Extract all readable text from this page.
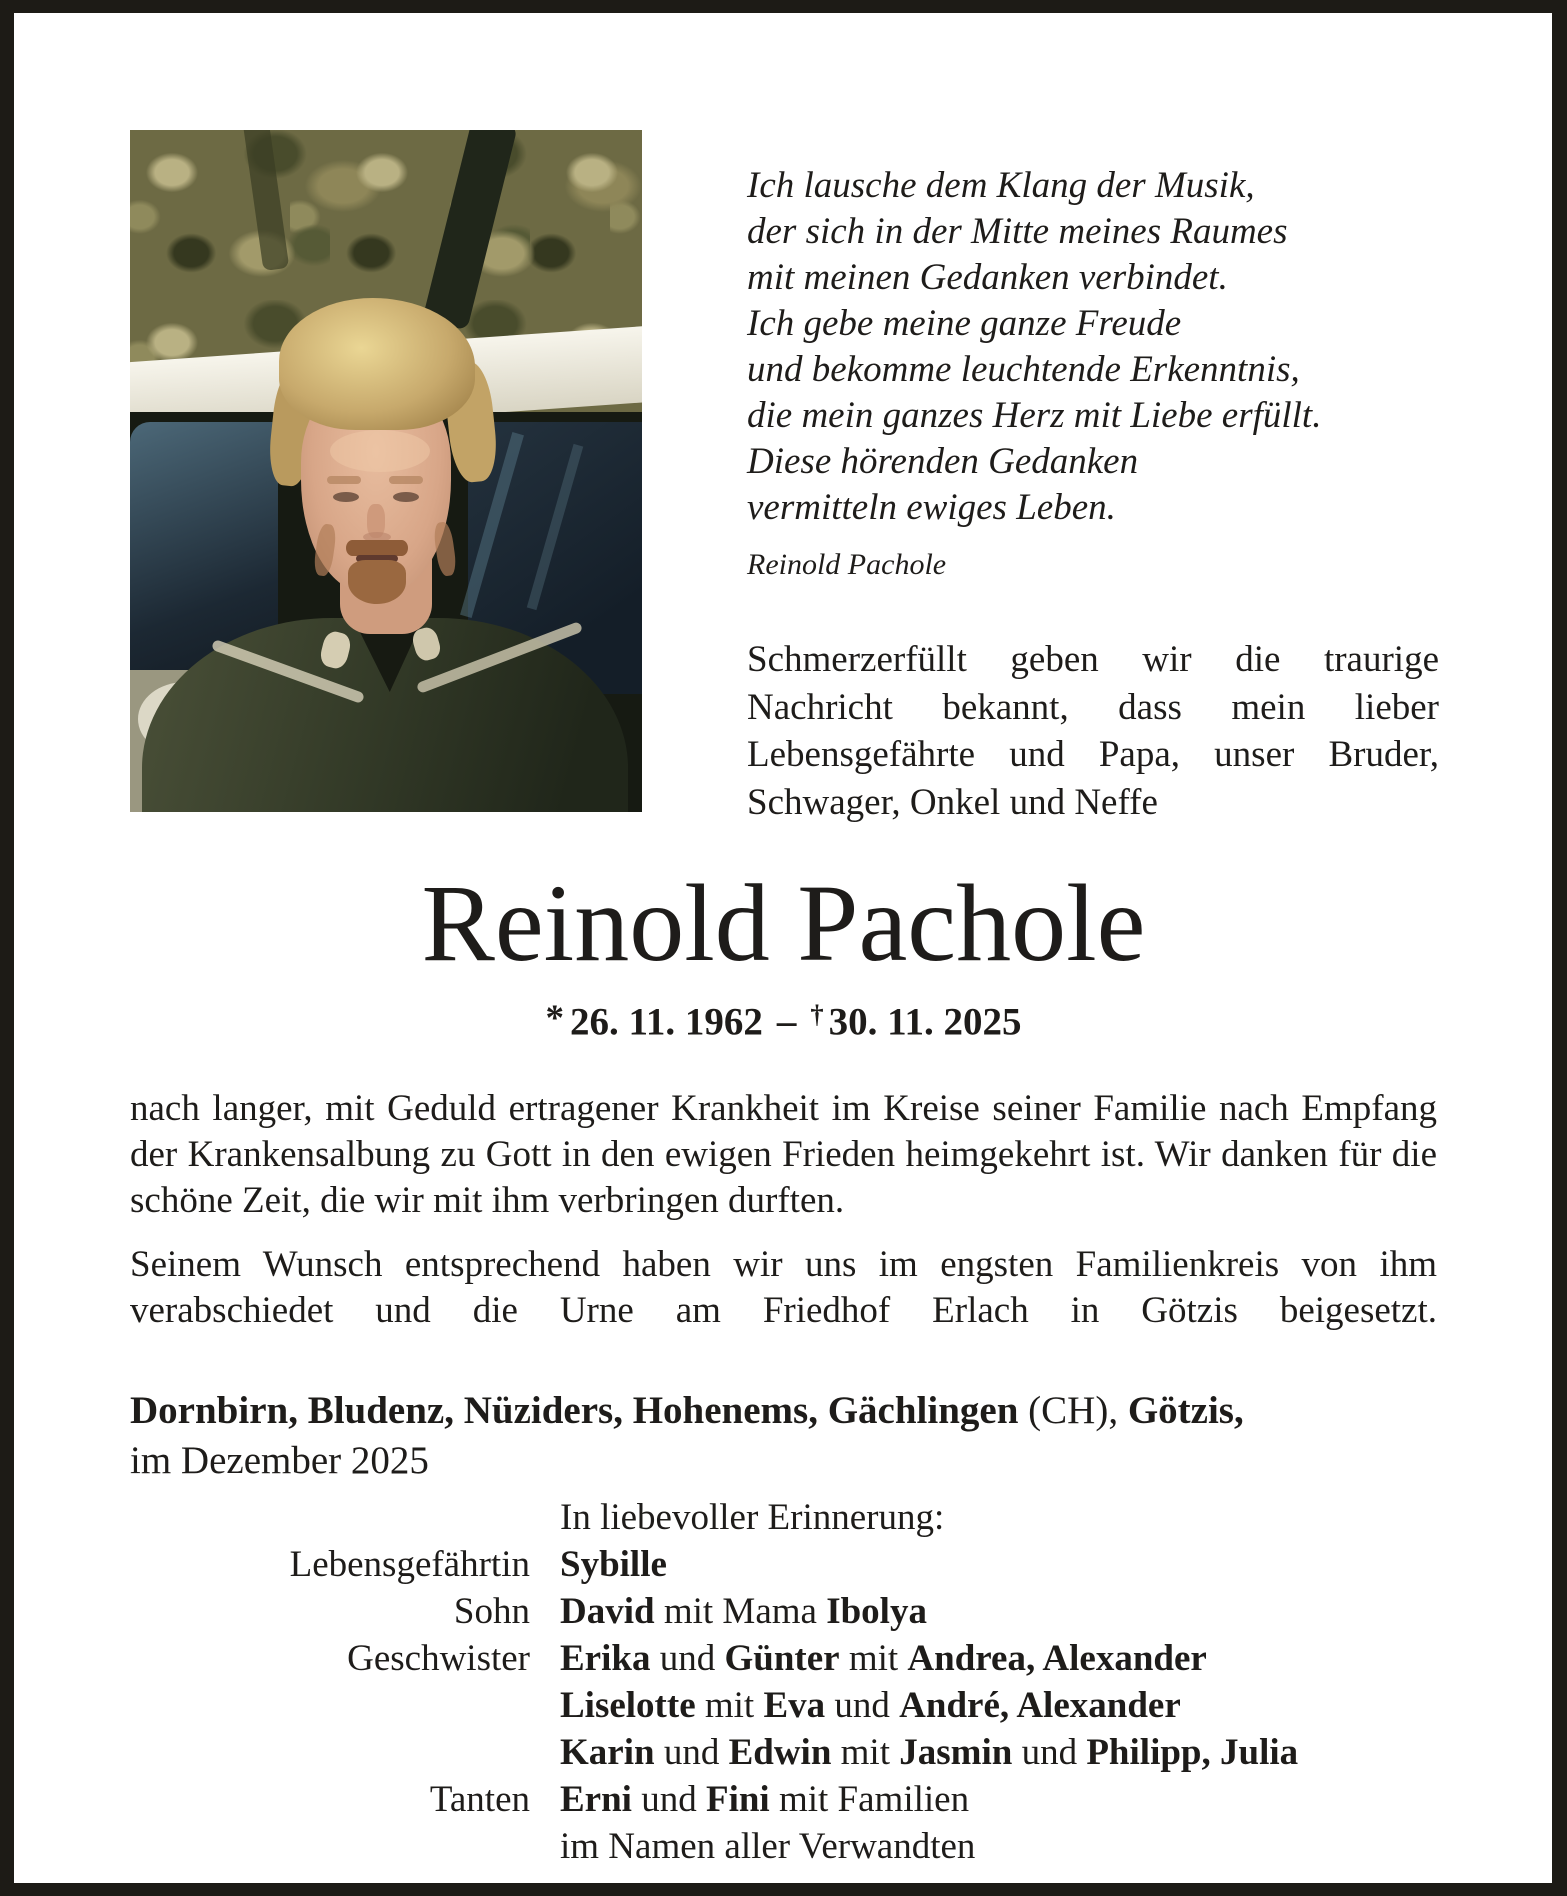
Ich lausche dem Klang der Musik,
der sich in der Mitte meines Raumes
mit meinen Gedanken verbindet.
Ich gebe meine ganze Freude
und bekomme leuchtende Erkenntnis,
die mein ganzes Herz mit Liebe erfüllt.
Diese hörenden Gedanken
vermitteln ewiges Leben.
Reinold Pachole
Schmerzerfüllt geben wir die traurige Nachricht bekannt, dass mein lieber Lebensgefährte und Papa, unser Bruder, Schwager, Onkel und Neffe
Reinold Pachole
* 26. 11. 1962 – † 30. 11. 2025
nach langer, mit Geduld ertragener Krankheit im Kreise seiner Familie nach Empfang der Krankensalbung zu Gott in den ewigen Frieden heimgekehrt ist. Wir danken für die schöne Zeit, die wir mit ihm verbringen durften.
Seinem Wunsch entsprechend haben wir uns im engsten Familienkreis von ihm verabschiedet und die Urne am Friedhof Erlach in Götzis beigesetzt.
Dornbirn, Bludenz, Nüziders, Hohenems, Gächlingen (CH), Götzis,
im Dezember 2025
In liebevoller Erinnerung:
Lebensgefährtin Sybille
Sohn David mit Mama Ibolya
Geschwister Erika und Günter mit Andrea, Alexander
Liselotte mit Eva und André, Alexander
Karin und Edwin mit Jasmin und Philipp, Julia
Tanten Erni und Fini mit Familien
im Namen aller Verwandten
